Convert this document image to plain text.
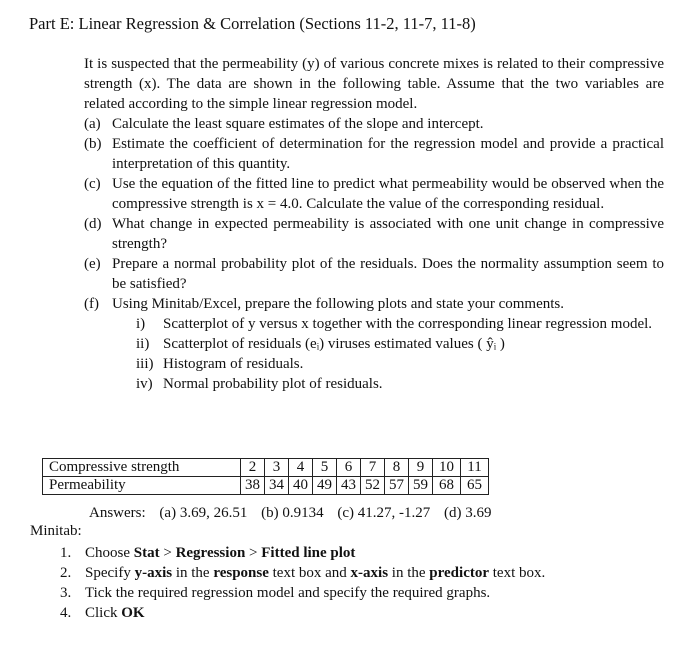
Part E: Linear Regression & Correlation (Sections 11-2, 11-7, 11-8)
It is suspected that the permeability (y) of various concrete mixes is related to their compressive strength (x). The data are shown in the following table. Assume that the two variables are related according to the simple linear regression model.
(a) Calculate the least square estimates of the slope and intercept.
(b) Estimate the coefficient of determination for the regression model and provide a practical interpretation of this quantity.
(c) Use the equation of the fitted line to predict what permeability would be observed when the compressive strength is x = 4.0. Calculate the value of the corresponding residual.
(d) What change in expected permeability is associated with one unit change in compressive strength?
(e) Prepare a normal probability plot of the residuals. Does the normality assumption seem to be satisfied?
(f) Using Minitab/Excel, prepare the following plots and state your comments.
i) Scatterplot of y versus x together with the corresponding linear regression model.
ii) Scatterplot of residuals (eᵢ) viruses estimated values ( ŷᵢ )
iii) Histogram of residuals.
iv) Normal probability plot of residuals.
Compressive strength	2	3	4	5	6	7	8	9	10	11
Permeability	38	34	40	49	43	52	57	59	68	65
Answers: (a) 3.69, 26.51 (b) 0.9134 (c) 41.27, -1.27 (d) 3.69
Minitab:
1. Choose Stat > Regression > Fitted line plot
2. Specify y-axis in the response text box and x-axis in the predictor text box.
3. Tick the required regression model and specify the required graphs.
4. Click OK
